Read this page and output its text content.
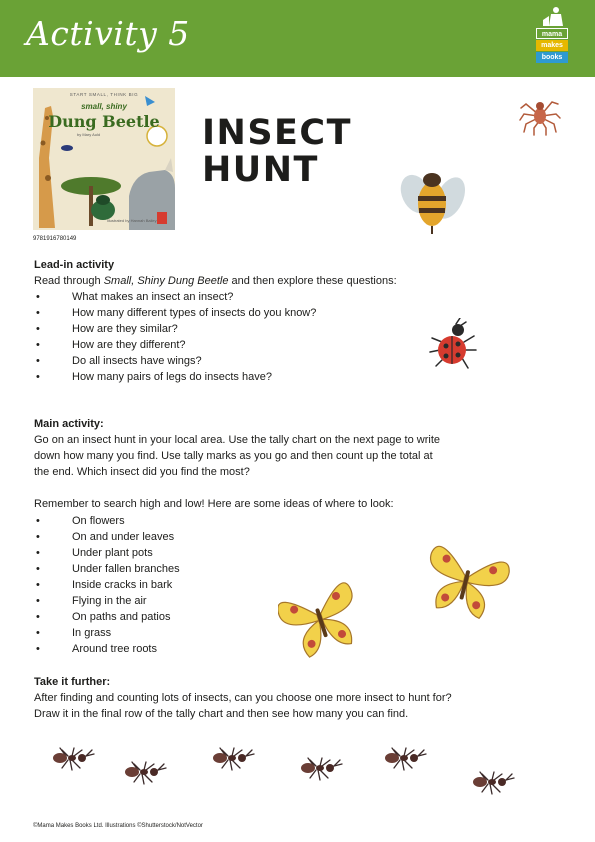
Activity 5	mama
makes
books
START SMALL, THINK BIG
small, shiny
Dung Beetle
by Mary Auld
illustrated by Hannah Bailey
9781916780149
INSECT
HUNT
Lead-in activity
Read through Small, Shiny Dung Beetle and then explore these questions:
•	What makes an insect an insect?
•	How many different types of insects do you know?
•	How are they similar?
•	How are they different?
•	Do all insects have wings?
•	How many pairs of legs do insects have?
Main activity:
Go on an insect hunt in your local area. Use the tally chart on the next page to write
down how many you find. Use tally marks as you go and then count up the total at
the end. Which insect did you find the most?
Remember to search high and low! Here are some ideas of where to look:
•	On flowers
•	On and under leaves
•	Under plant pots
•	Under fallen branches
•	Inside cracks in bark
•	Flying in the air
•	On paths and patios
•	In grass
•	Around tree roots
Take it further:
After finding and counting lots of insects, can you choose one more insect to hunt for?
Draw it in the final row of the tally chart and then see how many you can find.
©Mama Makes Books Ltd. Illustrations ©Shutterstock/NotVector
